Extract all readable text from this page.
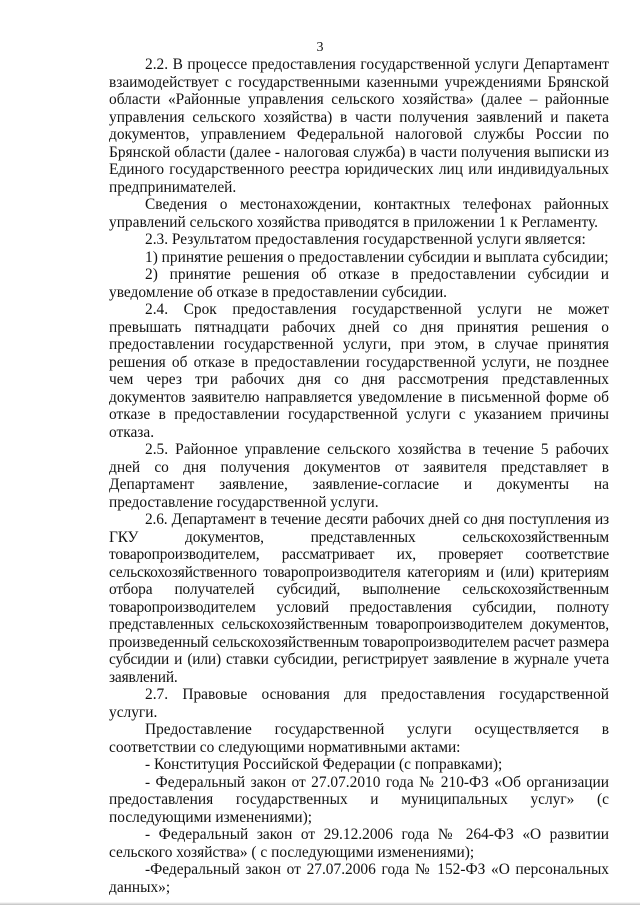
3

2.2. В процессе предоставления государственной услуги Департамент взаимодействует с государственными казенными учреждениями Брянской области «Районные управления сельского хозяйства» (далее – районные управления сельского хозяйства) в части получения заявлений и пакета документов, управлением Федеральной налоговой службы России по Брянской области (далее - налоговая служба) в части получения выписки из Единого государственного реестра юридических лиц или индивидуальных предпринимателей.

Сведения о местонахождении, контактных телефонах районных управлений сельского хозяйства приводятся в приложении 1 к Регламенту.

2.3. Результатом предоставления государственной услуги является:

1) принятие решения о предоставлении субсидии и выплата субсидии;

2) принятие решения об отказе в предоставлении субсидии и уведомление об отказе в предоставлении субсидии.

2.4. Срок предоставления государственной услуги не может превышать пятнадцати рабочих дней со дня принятия решения о предоставлении государственной услуги, при этом, в случае принятия решения об отказе в предоставлении государственной услуги, не позднее чем через три рабочих дня со дня рассмотрения представленных документов заявителю направляется уведомление в письменной форме об отказе в предоставлении государственной услуги с указанием причины отказа.

2.5. Районное управление сельского хозяйства в течение 5 рабочих дней со дня получения документов от заявителя представляет в Департамент заявление, заявление-согласие и документы на предоставление государственной услуги.

2.6. Департамент в течение десяти рабочих дней со дня поступления из ГКУ документов, представленных сельскохозяйственным товаропроизводителем, рассматривает их, проверяет соответствие сельскохозяйственного товаропроизводителя категориям и (или) критериям отбора получателей субсидий, выполнение сельскохозяйственным товаропроизводителем условий предоставления субсидии, полноту представленных сельскохозяйственным товаропроизводителем документов, произведенный сельскохозяйственным товаропроизводителем расчет размера субсидии и (или) ставки субсидии, регистрирует заявление в журнале учета заявлений.

2.7. Правовые основания для предоставления государственной услуги.

Предоставление государственной услуги осуществляется в соответствии со следующими нормативными актами:

- Конституция Российской Федерации (с поправками);

- Федеральный закон от 27.07.2010 года № 210-ФЗ «Об организации предоставления государственных и муниципальных услуг» (с последующими изменениями);

- Федеральный закон от 29.12.2006 года № 264-ФЗ «О развитии сельского хозяйства» ( с последующими изменениями);

-Федеральный закон от 27.07.2006 года № 152-ФЗ «О персональных данных»;
